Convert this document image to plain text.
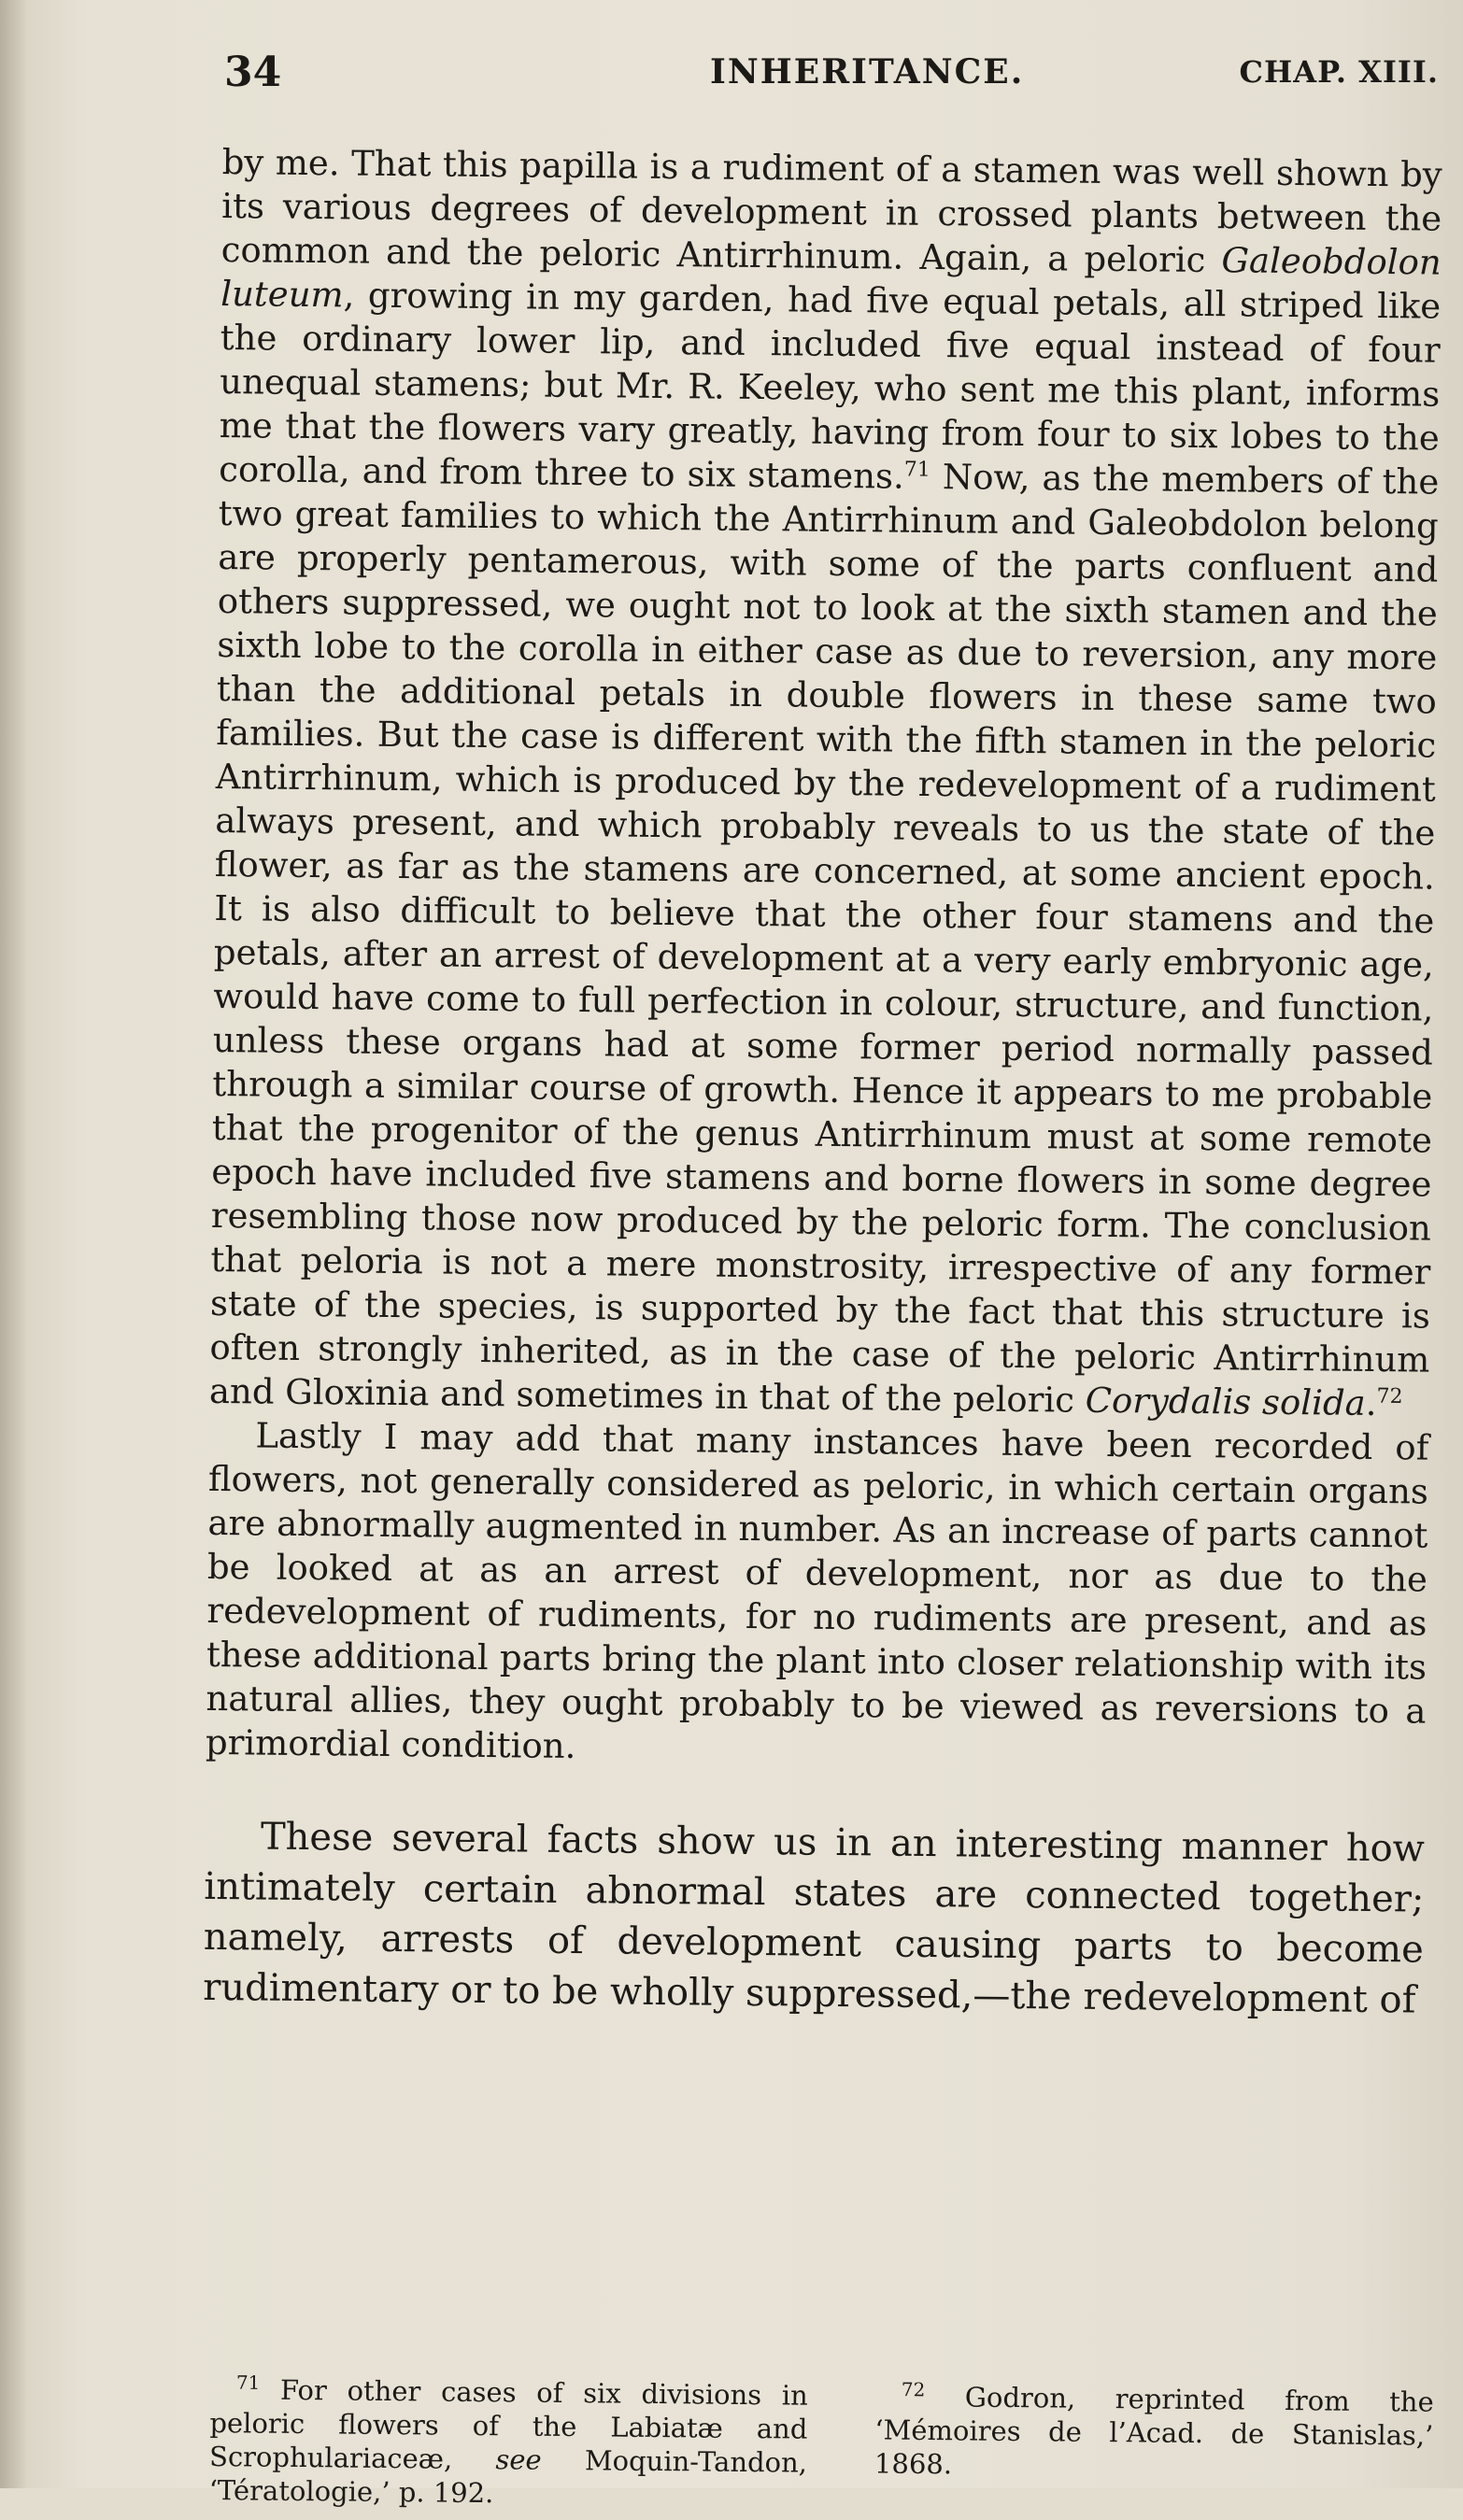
34	INHERITANCE.	CHAP. XIII.

by me. That this papilla is a rudiment of a stamen was well shown by its various degrees of development in crossed plants between the common and the peloric Antirrhinum. Again, a peloric Galeobdolon luteum, growing in my garden, had five equal petals, all striped like the ordinary lower lip, and included five equal instead of four unequal stamens; but Mr. R. Keeley, who sent me this plant, informs me that the flowers vary greatly, having from four to six lobes to the corolla, and from three to six stamens.$^{71}$ Now, as the members of the two great families to which the Antirrhinum and Galeobdolon belong are properly pentamerous, with some of the parts confluent and others suppressed, we ought not to look at the sixth stamen and the sixth lobe to the corolla in either case as due to reversion, any more than the additional petals in double flowers in these same two families. But the case is different with the fifth stamen in the peloric Antirrhinum, which is produced by the redevelopment of a rudiment always present, and which probably reveals to us the state of the flower, as far as the stamens are concerned, at some ancient epoch. It is also difficult to believe that the other four stamens and the petals, after an arrest of development at a very early embryonic age, would have come to full perfection in colour, structure, and function, unless these organs had at some former period normally passed through a similar course of growth. Hence it appears to me probable that the progenitor of the genus Antirrhinum must at some remote epoch have included five stamens and borne flowers in some degree resembling those now produced by the peloric form. The conclusion that peloria is not a mere monstrosity, irrespective of any former state of the species, is supported by the fact that this structure is often strongly inherited, as in the case of the peloric Antirrhinum and Gloxinia and sometimes in that of the peloric Corydalis solida.$^{72}$

Lastly I may add that many instances have been recorded of flowers, not generally considered as peloric, in which certain organs are abnormally augmented in number. As an increase of parts cannot be looked at as an arrest of development, nor as due to the redevelopment of rudiments, for no rudiments are present, and as these additional parts bring the plant into closer relationship with its natural allies, they ought probably to be viewed as reversions to a primordial condition.

These several facts show us in an interesting manner how intimately certain abnormal states are connected together; namely, arrests of development causing parts to become rudimentary or to be wholly suppressed,—the redevelopment of

$^{71}$ For other cases of six divisions in peloric flowers of the Labiatæ and Scrophulariaceæ, see Moquin-Tandon, ‘Tératologie,’ p. 192.
$^{72}$ Godron, reprinted from the ‘Mémoires de l’Acad. de Stanislas,’ 1868.
